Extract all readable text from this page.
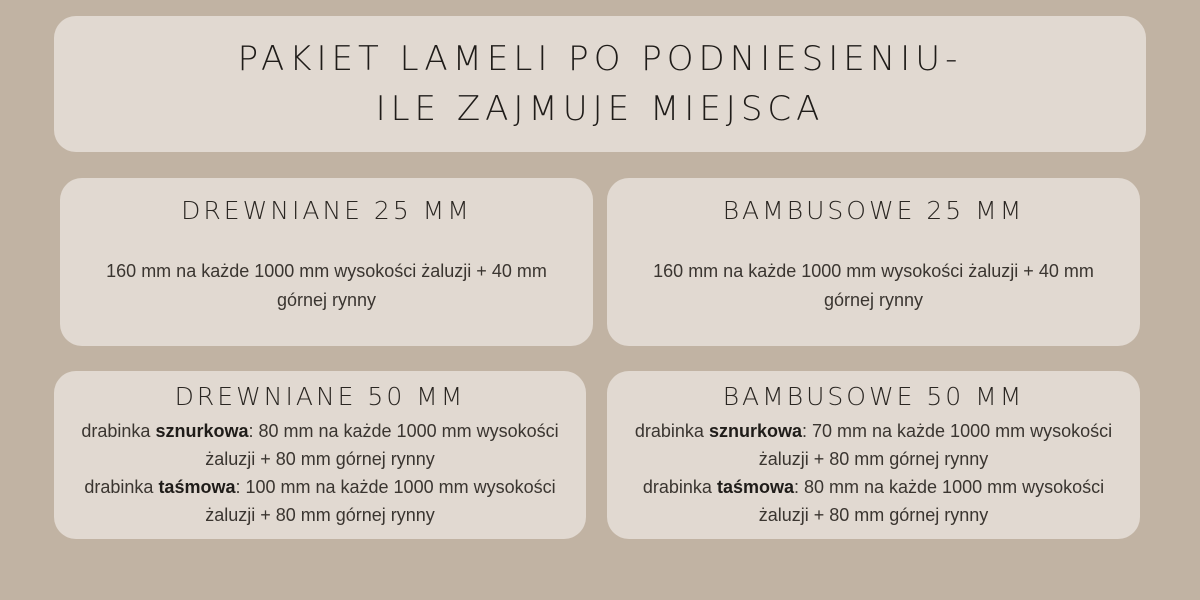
PAKIET LAMELI PO PODNIESIENIU-
ILE ZAJMUJE MIEJSCA
DREWNIANE 25 MM
160 mm na każde 1000 mm wysokości żaluzji + 40 mm górnej rynny
BAMBUSOWE 25 MM
160 mm na każde 1000 mm wysokości żaluzji + 40 mm górnej rynny
DREWNIANE 50 MM
drabinka sznurkowa: 80 mm na każde 1000 mm wysokości żaluzji + 80 mm górnej rynny
drabinka taśmowa: 100 mm na każde 1000 mm wysokości żaluzji + 80 mm górnej rynny
BAMBUSOWE 50 MM
drabinka sznurkowa: 70 mm na każde 1000 mm wysokości żaluzji + 80 mm górnej rynny
drabinka taśmowa: 80 mm na każde 1000 mm wysokości żaluzji + 80 mm górnej rynny
